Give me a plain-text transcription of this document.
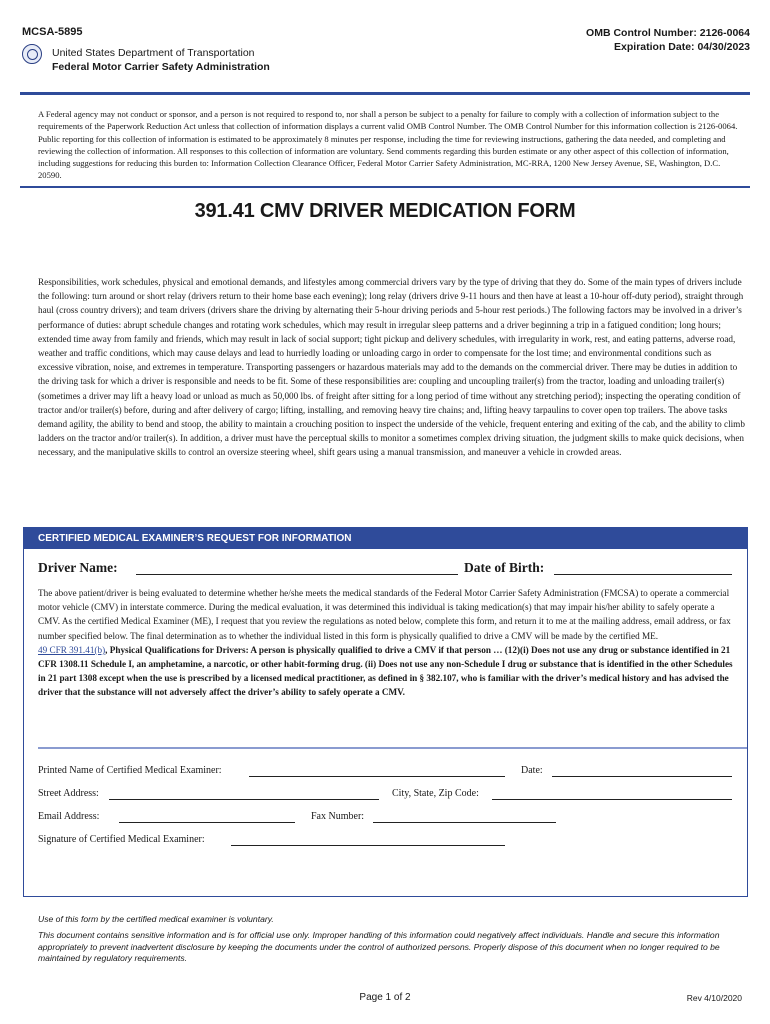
MCSA-5895
United States Department of Transportation
Federal Motor Carrier Safety Administration
OMB Control Number: 2126-0064
Expiration Date: 04/30/2023
A Federal agency may not conduct or sponsor, and a person is not required to respond to, nor shall a person be subject to a penalty for failure to comply with a collection of information subject to the requirements of the Paperwork Reduction Act unless that collection of information displays a current valid OMB Control Number. The OMB Control Number for this information collection is 2126-0064. Public reporting for this collection of information is estimated to be approximately 8 minutes per response, including the time for reviewing instructions, gathering the data needed, and completing and reviewing the collection of information. All responses to this collection of information are voluntary. Send comments regarding this burden estimate or any other aspect of this collection of information, including suggestions for reducing this burden to: Information Collection Clearance Officer, Federal Motor Carrier Safety Administration, MC-RRA, 1200 New Jersey Avenue, SE, Washington, D.C. 20590.
391.41 CMV DRIVER MEDICATION FORM
Responsibilities, work schedules, physical and emotional demands, and lifestyles among commercial drivers vary by the type of driving that they do. Some of the main types of drivers include the following: turn around or short relay (drivers return to their home base each evening); long relay (drivers drive 9-11 hours and then have at least a 10-hour off-duty period), straight through haul (cross country drivers); and team drivers (drivers share the driving by alternating their 5-hour driving periods and 5-hour rest periods.) The following factors may be involved in a driver’s performance of duties: abrupt schedule changes and rotating work schedules, which may result in irregular sleep patterns and a driver beginning a trip in a fatigued condition; long hours; extended time away from family and friends, which may result in lack of social support; tight pickup and delivery schedules, with irregularity in work, rest, and eating patterns, adverse road, weather and traffic conditions, which may cause delays and lead to hurriedly loading or unloading cargo in order to compensate for the lost time; and environmental conditions such as excessive vibration, noise, and extremes in temperature. Transporting passengers or hazardous materials may add to the demands on the commercial driver. There may be duties in addition to the driving task for which a driver is responsible and needs to be fit. Some of these responsibilities are: coupling and uncoupling trailer(s) from the tractor, loading and unloading trailer(s) (sometimes a driver may lift a heavy load or unload as much as 50,000 lbs. of freight after sitting for a long period of time without any stretching period); inspecting the operating condition of tractor and/or trailer(s) before, during and after delivery of cargo; lifting, installing, and removing heavy tire chains; and, lifting heavy tarpaulins to cover open top trailers. The above tasks demand agility, the ability to bend and stoop, the ability to maintain a crouching position to inspect the underside of the vehicle, frequent entering and exiting of the cab, and the ability to climb ladders on the tractor and/or trailer(s). In addition, a driver must have the perceptual skills to monitor a sometimes complex driving situation, the judgment skills to make quick decisions, when necessary, and the manipulative skills to control an oversize steering wheel, shift gears using a manual transmission, and maneuver a vehicle in crowded areas.
CERTIFIED MEDICAL EXAMINER’S REQUEST FOR INFORMATION
Driver Name:	Date of Birth:
The above patient/driver is being evaluated to determine whether he/she meets the medical standards of the Federal Motor Carrier Safety Administration (FMCSA) to operate a commercial motor vehicle (CMV) in interstate commerce. During the medical evaluation, it was determined this individual is taking medication(s) that may impair his/her ability to safely operate a CMV. As the certified Medical Examiner (ME), I request that you review the regulations as noted below, complete this form, and return it to me at the mailing address, email address, or fax number specified below. The final determination as to whether the individual listed in this form is physically qualified to drive a CMV will be made by the certified ME.
49 CFR 391.41(b), Physical Qualifications for Drivers: A person is physically qualified to drive a CMV if that person … (12)(i) Does not use any drug or substance identified in 21 CFR 1308.11 Schedule I, an amphetamine, a narcotic, or other habit-forming drug. (ii) Does not use any non-Schedule I drug or substance that is identified in the other Schedules in 21 part 1308 except when the use is prescribed by a licensed medical practitioner, as defined in § 382.107, who is familiar with the driver’s medical history and has advised the driver that the substance will not adversely affect the driver’s ability to safely operate a CMV.
Printed Name of Certified Medical Examiner:	Date:
Street Address:	City, State, Zip Code:
Email Address:	Fax Number:
Signature of Certified Medical Examiner:
Use of this form by the certified medical examiner is voluntary.
This document contains sensitive information and is for official use only. Improper handling of this information could negatively affect individuals. Handle and secure this information appropriately to prevent inadvertent disclosure by keeping the documents under the control of authorized persons. Properly dispose of this document when no longer required to be maintained by regulatory requirements.
Page 1 of 2	Rev 4/10/2020
